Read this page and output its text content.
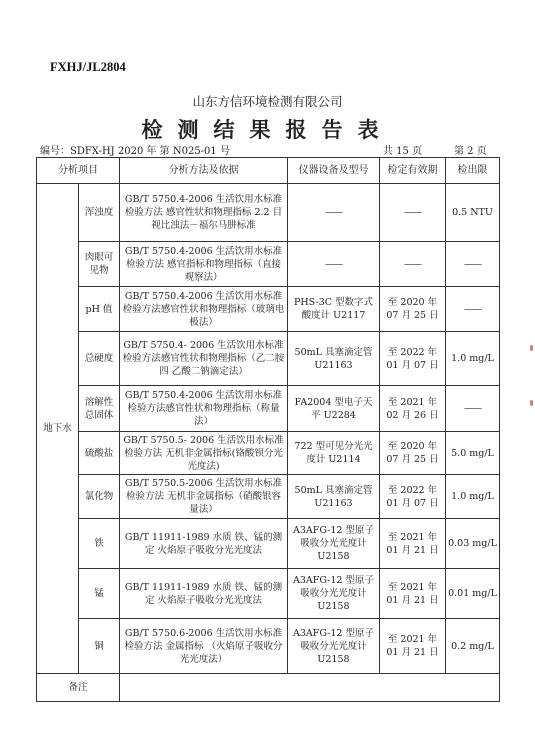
FXHJ/JL2804
山东方信环境检测有限公司
检测结果报告表
编号：SDFX-HJ 2020 年 第 N025-01 号	共 15 页	第 2 页
分析项目		分析方法及依据	仪器设备及型号	检定有效期	检出限
地下水	浑浊度	GB/T 5750.4-2006 生活饮用水标准检验方法 感官性状和物理指标 2.2 目视比浊法－福尔马肼标准	——	——	0.5 NTU
	肉眼可见物	GB/T 5750.4-2006 生活饮用水标准检验方法 感官指标和物理指标（直接观察法）	——	——	——
	pH 值	GB/T 5750.4-2006 生活饮用水标准检验方法感官性状和物理指标（玻璃电极法）	PHS-3C 型数字式酸度计 U2117	至 2020 年 07 月 25 日	——
	总硬度	GB/T 5750.4- 2006 生活饮用水标准检验方法感官性状和物理指标（乙二胺四 乙酸二钠滴定法）	50mL 具塞滴定管 U21163	至 2022 年 01 月 07 日	1.0 mg/L
	溶解性总固体	GB/T 5750.4-2006 生活饮用水标准检验方法感官性状和物理指标（称量法）	FA2004 型电子天平 U2284	至 2021 年 02 月 26 日	——
	硫酸盐	GB/T 5750.5- 2006 生活饮用水标准检验方法 无机非金属指标(铬酸钡分光光度法)	722 型可见分光光度计 U2114	至 2020 年 07 月 25 日	5.0 mg/L
	氯化物	GB/T 5750.5-2006 生活饮用水标准检验方法 无机非金属指标（硝酸银容量法）	50mL 具塞滴定管 U21163	至 2022 年 01 月 07 日	1.0 mg/L
	铁	GB/T 11911-1989 水质 铁、锰的测定 火焰原子吸收分光光度法	A3AFG-12 型原子吸收分光光度计 U2158	至 2021 年 01 月 21 日	0.03 mg/L
	锰	GB/T 11911-1989 水质 铁、锰的测定 火焰原子吸收分光光度法	A3AFG-12 型原子吸收分光光度计 U2158	至 2021 年 01 月 21 日	0.01 mg/L
	铜	GB/T 5750.6-2006 生活饮用水标准检验方法 金属指标 （火焰原子吸收分光光度法）	A3AFG-12 型原子吸收分光光度计 U2158	至 2021 年 01 月 21 日	0.2 mg/L
备注					
